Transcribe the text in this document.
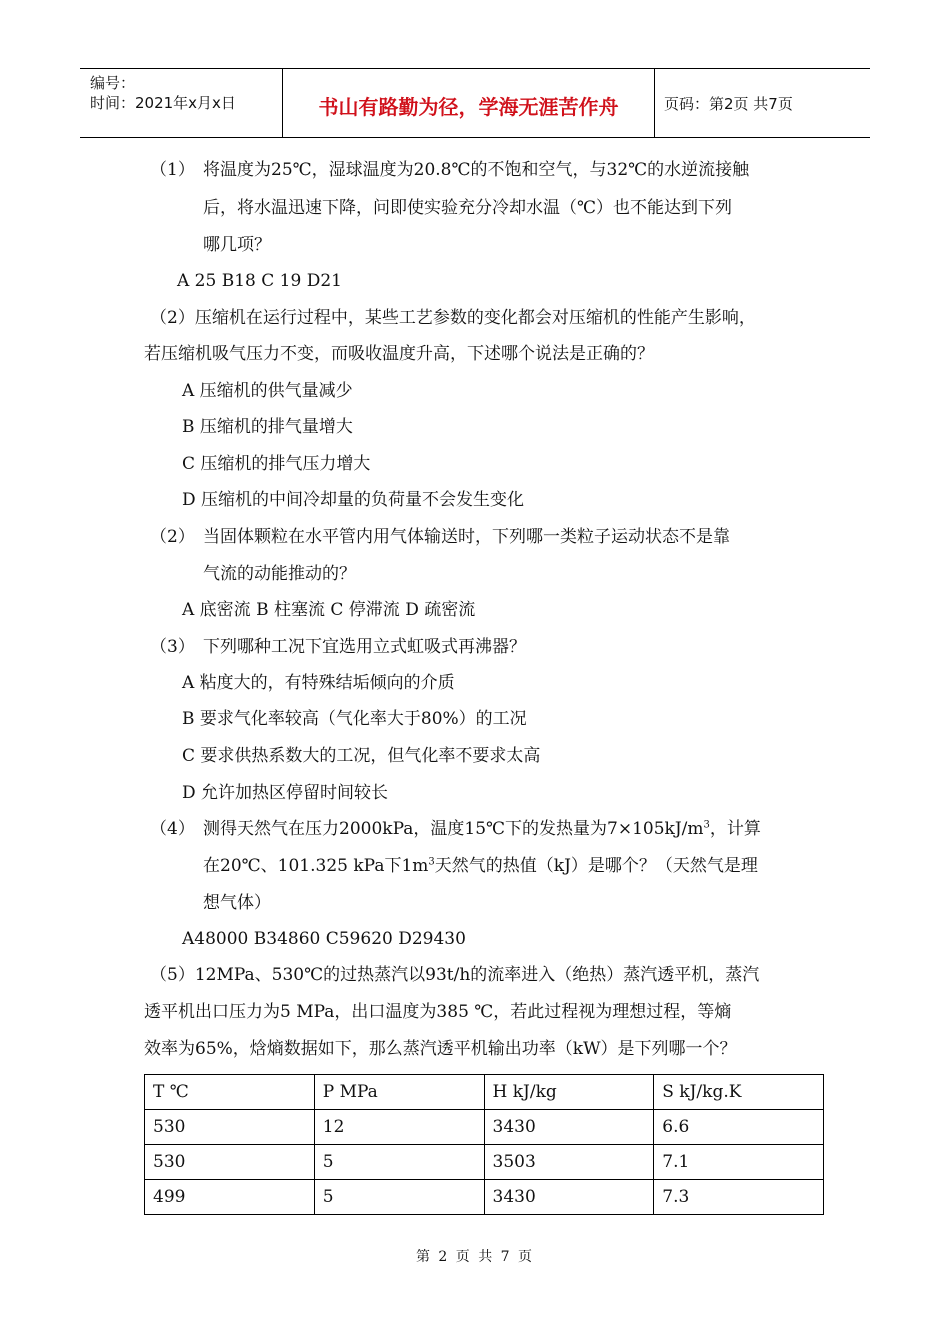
编号：
时间：2021年x月x日	书山有路勤为径，学海无涯苦作舟	页码：第2页 共7页
（1） 将温度为25℃，湿球温度为20.8℃的不饱和空气，与32℃的水逆流接触
后，将水温迅速下降，问即使实验充分冷却水温（℃）也不能达到下列
哪几项？
A 25 B18 C 19 D21
（2）压缩机在运行过程中，某些工艺参数的变化都会对压缩机的性能产生影响，
若压缩机吸气压力不变，而吸收温度升高，下述哪个说法是正确的？
A 压缩机的供气量减少
B 压缩机的排气量增大
C 压缩机的排气压力增大
D 压缩机的中间冷却量的负荷量不会发生变化
（2） 当固体颗粒在水平管内用气体输送时，下列哪一类粒子运动状态不是靠
气流的动能推动的？
A 底密流 B 柱塞流 C 停滞流 D 疏密流
（3） 下列哪种工况下宜选用立式虹吸式再沸器？
A 粘度大的，有特殊结垢倾向的介质
B 要求气化率较高（气化率大于80%）的工况
C 要求供热系数大的工况，但气化率不要求太高
D 允许加热区停留时间较长
（4） 测得天然气在压力2000kPa，温度15℃下的发热量为$7\times 105kJ/m^3$，计算
在20℃、101.325 kPa下$1m^3$天然气的热值（kJ）是哪个？（天然气是理
想气体）
A48000 B34860 C59620 D29430
（5）12MPa、530℃的过热蒸汽以93t/h的流率进入（绝热）蒸汽透平机，蒸汽
透平机出口压力为5 MPa，出口温度为385 ℃，若此过程视为理想过程，等熵
效率为65%，焓熵数据如下，那么蒸汽透平机输出功率（kW）是下列哪一个？
T ℃	P MPa	H kJ/kg	S kJ/kg.K
530	12	3430	6.6
530	5	3503	7.1
499	5	3430	7.3
第 2 页 共 7 页
